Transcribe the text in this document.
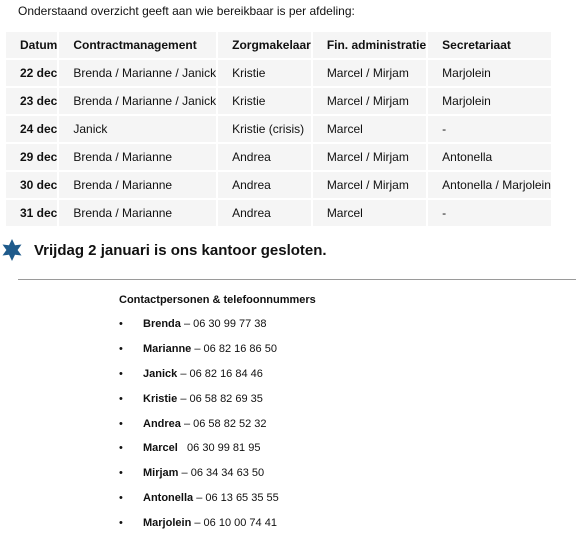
Onderstaand overzicht geeft aan wie bereikbaar is per afdeling:
Datum	Contractmanagement	Zorgmakelaar	Fin. administratie	Secretariaat
22 dec	Brenda / Marianne / Janick	Kristie	Marcel / Mirjam	Marjolein
23 dec	Brenda / Marianne / Janick	Kristie	Marcel / Mirjam	Marjolein
24 dec	Janick	Kristie (crisis)	Marcel	-
29 dec	Brenda / Marianne	Andrea	Marcel / Mirjam	Antonella
30 dec	Brenda / Marianne	Andrea	Marcel / Mirjam	Antonella / Marjolein
31 dec	Brenda / Marianne	Andrea	Marcel	-
Vrijdag 2 januari is ons kantoor gesloten.
Contactpersonen & telefoonnummers
•	Brenda
– 06 30 99 77 38
•	Marianne
– 06 82 16 86 50
•	Janick
– 06 82 16 84 46
•	Kristie
– 06 58 82 69 35
•	Andrea
– 06 58 82 52 32
•	Marcel
06 30 99 81 95
•	Mirjam
– 06 34 34 63 50
•	Antonella
– 06 13 65 35 55
•	Marjolein
– 06 10 00 74 41
